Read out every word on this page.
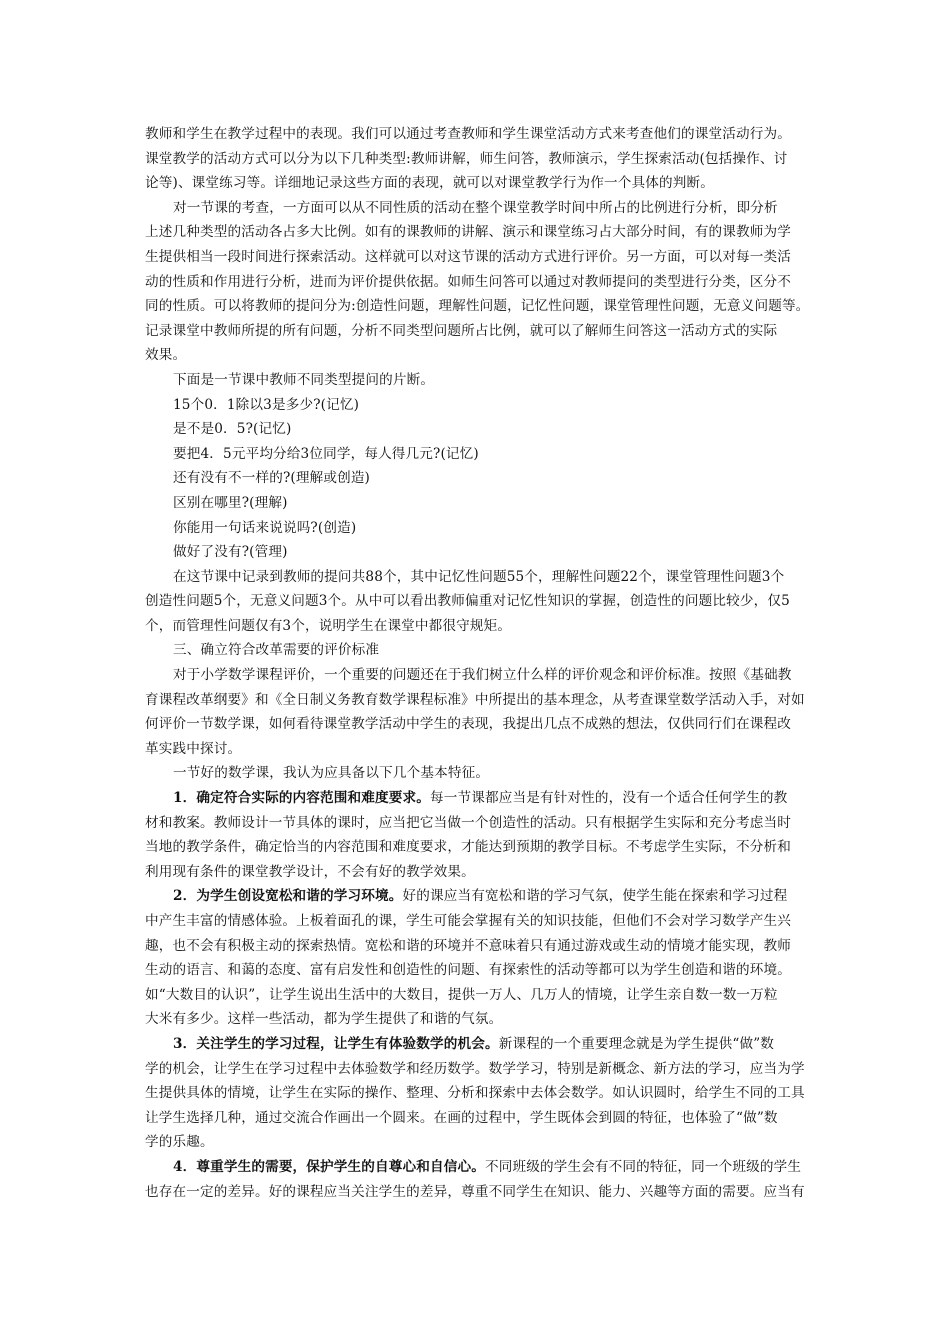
教师和学生在教学过程中的表现。我们可以通过考查教师和学生课堂活动方式来考查他们的课堂活动行为。
课堂教学的活动方式可以分为以下几种类型:教师讲解，师生问答，教师演示，学生探索活动(包括操作、讨
论等)、课堂练习等。详细地记录这些方面的表现，就可以对课堂教学行为作一个具体的判断。
对一节课的考查，一方面可以从不同性质的活动在整个课堂教学时间中所占的比例进行分析，即分析
上述几种类型的活动各占多大比例。如有的课教师的讲解、演示和课堂练习占大部分时间，有的课教师为学
生提供相当一段时间进行探索活动。这样就可以对这节课的活动方式进行评价。另一方面，可以对每一类活
动的性质和作用进行分析，进而为评价提供依据。如师生问答可以通过对教师提问的类型进行分类，区分不
同的性质。可以将教师的提问分为:创造性问题，理解性问题，记忆性问题，课堂管理性问题，无意义问题等。
记录课堂中教师所提的所有问题，分析不同类型问题所占比例，就可以了解师生问答这一活动方式的实际
效果。
下面是一节课中教师不同类型提问的片断。
15个0．1除以3是多少?(记忆)
是不是0．5?(记忆)
要把4．5元平均分给3位同学，每人得几元?(记忆)
还有没有不一样的?(理解或创造)
区别在哪里?(理解)
你能用一句话来说说吗?(创造)
做好了没有?(管理)
在这节课中记录到教师的提问共88个，其中记忆性问题55个，理解性问题22个，课堂管理性问题3个
创造性问题5个，无意义问题3个。从中可以看出教师偏重对记忆性知识的掌握，创造性的问题比较少，仅5
个，而管理性问题仅有3个，说明学生在课堂中都很守规矩。
三、确立符合改革需要的评价标准
对于小学数学课程评价，一个重要的问题还在于我们树立什么样的评价观念和评价标准。按照《基础教
育课程改革纲要》和《全日制义务教育数学课程标准》中所提出的基本理念，从考查课堂数学活动入手，对如
何评价一节数学课，如何看待课堂教学活动中学生的表现，我提出几点不成熟的想法，仅供同行们在课程改
革实践中探讨。
一节好的数学课，我认为应具备以下几个基本特征。
1．确定符合实际的内容范围和难度要求。每一节课都应当是有针对性的，没有一个适合任何学生的教
材和教案。教师设计一节具体的课时，应当把它当做一个创造性的活动。只有根据学生实际和充分考虑当时
当地的教学条件，确定恰当的内容范围和难度要求，才能达到预期的教学目标。不考虑学生实际，不分析和
利用现有条件的课堂教学设计，不会有好的教学效果。
2．为学生创设宽松和谐的学习环境。好的课应当有宽松和谐的学习气氛，使学生能在探索和学习过程
中产生丰富的情感体验。上板着面孔的课，学生可能会掌握有关的知识技能，但他们不会对学习数学产生兴
趣，也不会有积极主动的探索热情。宽松和谐的环境并不意味着只有通过游戏或生动的情境才能实现，教师
生动的语言、和蔼的态度、富有启发性和创造性的问题、有探索性的活动等都可以为学生创造和谐的环境。
如“大数目的认识”，让学生说出生活中的大数目，提供一万人、几万人的情境，让学生亲自数一数一万粒
大米有多少。这样一些活动，都为学生提供了和谐的气氛。
3．关注学生的学习过程，让学生有体验数学的机会。新课程的一个重要理念就是为学生提供“做”数
学的机会，让学生在学习过程中去体验数学和经历数学。数学学习，特别是新概念、新方法的学习，应当为学
生提供具体的情境，让学生在实际的操作、整理、分析和探索中去体会数学。如认识圆时，给学生不同的工具
让学生选择几种，通过交流合作画出一个圆来。在画的过程中，学生既体会到圆的特征，也体验了“做”数
学的乐趣。
4．尊重学生的需要，保护学生的自尊心和自信心。不同班级的学生会有不同的特征，同一个班级的学生
也存在一定的差异。好的课程应当关注学生的差异，尊重不同学生在知识、能力、兴趣等方面的需要。应当有
